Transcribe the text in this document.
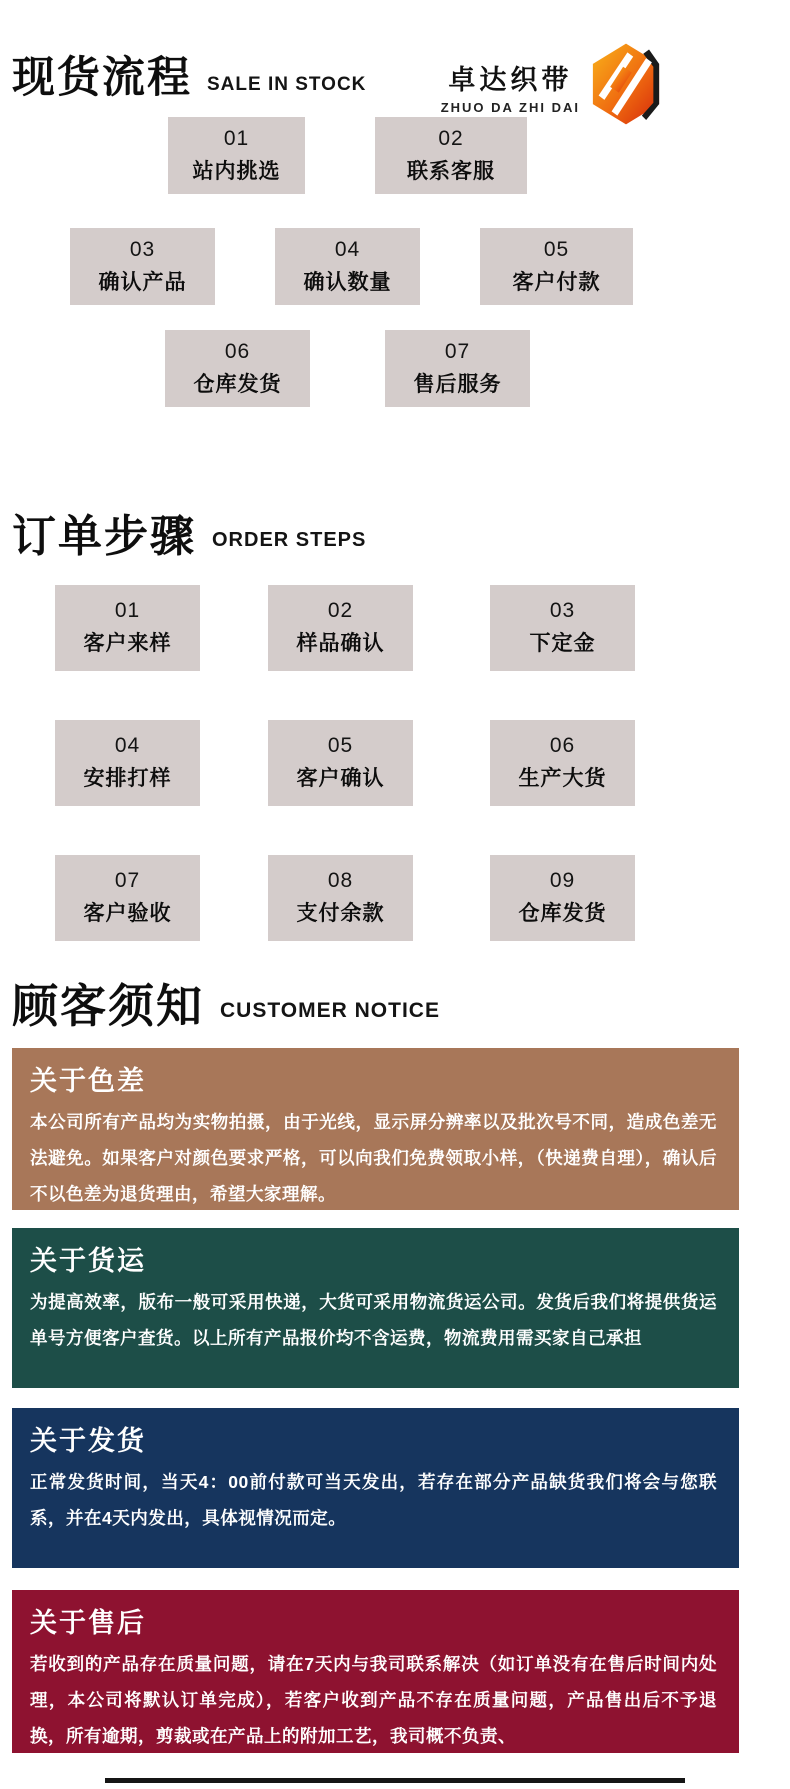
现货流程 SALE IN STOCK	卓达织带
ZHUO DA ZHI DAI
01
站内挑选
02
联系客服
03
确认产品
04
确认数量
05
客户付款
06
仓库发货
07
售后服务
订单步骤 ORDER STEPS
01
客户来样
02
样品确认
03
下定金
04
安排打样
05
客户确认
06
生产大货
07
客户验收
08
支付余款
09
仓库发货
顾客须知 CUSTOMER NOTICE
关于色差
本公司所有产品均为实物拍摄，由于光线，显示屏分辨率以及批次号不同，造成色差无法避免。如果客户对颜色要求严格，可以向我们免费领取小样，（快递费自理），确认后不以色差为退货理由，希望大家理解。
关于货运
为提高效率，版布一般可采用快递，大货可采用物流货运公司。发货后我们将提供货运单号方便客户查货。以上所有产品报价均不含运费，物流费用需买家自己承担
关于发货
正常发货时间，当天4：00前付款可当天发出，若存在部分产品缺货我们将会与您联系，并在4天内发出，具体视情况而定。
关于售后
若收到的产品存在质量问题，请在7天内与我司联系解决（如订单没有在售后时间内处理，本公司将默认订单完成），若客户收到产品不存在质量问题，产品售出后不予退换，所有逾期，剪裁或在产品上的附加工艺，我司概不负责、
